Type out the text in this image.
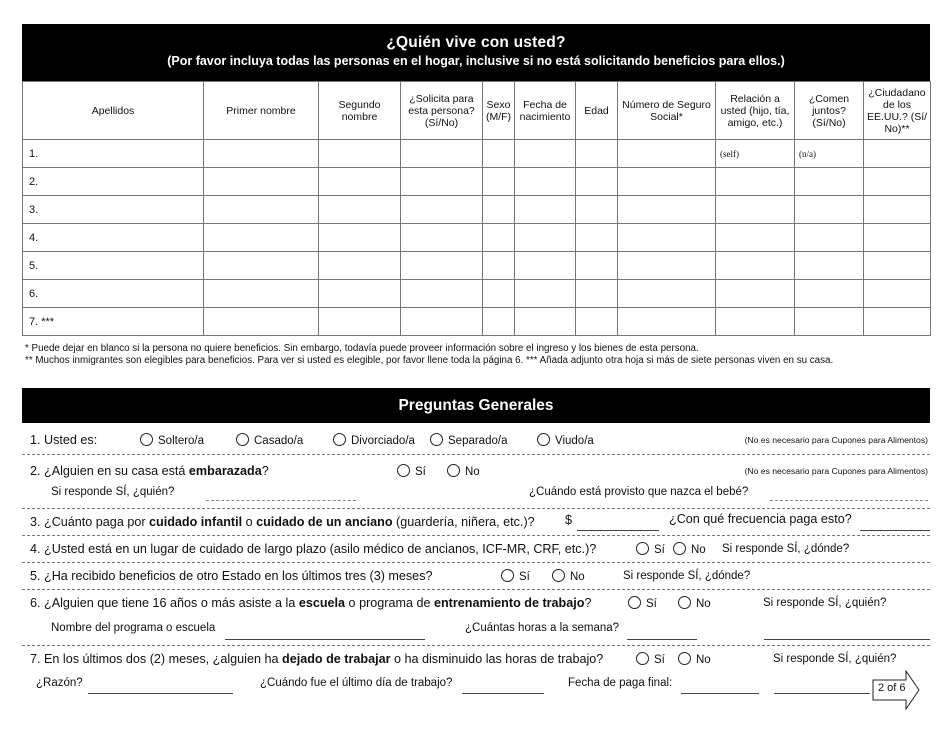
¿Quién vive con usted?
(Por favor incluya todas las personas en el hogar, inclusive si no está solicitando beneficios para ellos.)
Apellidos	Primer nombre	Segundo nombre	¿Solicita para esta persona? (Sí/No)	Sexo (M/F)	Fecha de nacimiento	Edad	Número de Seguro Social*	Relación a usted (hijo, tía, amigo, etc.)	¿Comen juntos? (Sí/No)	¿Ciudadano de los EE.UU.? (Sí/ No)**
1.								(self)	(n/a)	
2.										
3.										
4.										
5.										
6.										
7. ***										
* Puede dejar en blanco si la persona no quiere beneficios. Sin embargo, todavía puede proveer información sobre el ingreso y los bienes de esta persona.
** Muchos inmigrantes son elegibles para beneficios. Para ver si usted es elegible, por favor llene toda la página 6. *** Añada adjunto otra hoja si más de siete personas viven en su casa.
Preguntas Generales
1. Usted es:	Soltero/a	Casado/a	Divorciado/a	Separado/a	Viudo/a	(No es necesario para Cupones para Alimentos)
2. ¿Alguien en su casa está embarazada?	Sí	No	(No es necesario para Cupones para Alimentos)
Si responde SÍ, ¿quién?	¿Cuándo está provisto que nazca el bebé?
3. ¿Cuánto paga por cuidado infantil o cuidado de un anciano (guardería, niñera, etc.)? $	¿Con qué frecuencia paga esto?
4. ¿Usted está en un lugar de cuidado de largo plazo (asilo médico de ancianos, ICF-MR, CRF, etc.)?	Sí	No Si responde SÍ, ¿dónde?
5. ¿Ha recibido beneficios de otro Estado en los últimos tres (3) meses?	Sí	No	Si responde SÍ, ¿dónde?
6. ¿Alguien que tiene 16 años o más asiste a la escuela o programa de entrenamiento de trabajo?	Sí	No	Si responde SÍ, ¿quién?
Nombre del programa o escuela	¿Cuántas horas a la semana?
7. En los últimos dos (2) meses, ¿alguien ha dejado de trabajar o ha disminuido las horas de trabajo?	Sí	No	Si responde SÍ, ¿quién?
¿Razón?	¿Cuándo fue el último día de trabajo?	Fecha de paga final:	2 of 6
